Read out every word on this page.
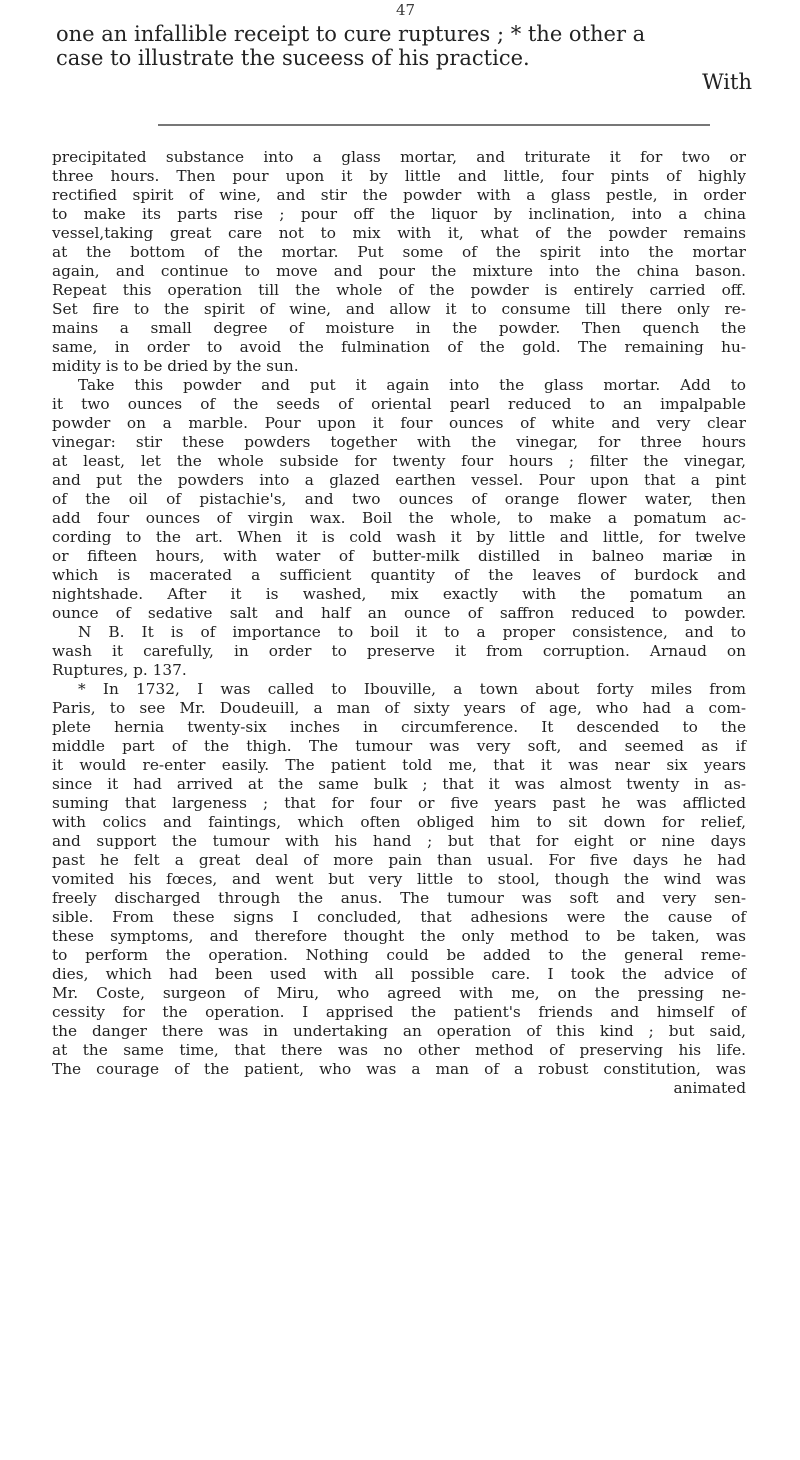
47
one an infallible receipt to cure ruptures ; * the other a
case to illustrate the suceess of his practice.
With
precipitated substance into a glass mortar, and triturate it for two or
three hours. Then pour upon it by little and little, four pints of highly
rectified spirit of wine, and stir the powder with a glass pestle, in order
to make its parts rise ; pour off the liquor by inclination, into a china
vessel,taking great care not to mix with it, what of the powder remains
at the bottom of the mortar. Put some of the spirit into the mortar
again, and continue to move and pour the mixture into the china bason.
Repeat this operation till the whole of the powder is entirely carried off.
Set fire to the spirit of wine, and allow it to consume till there only re-
mains a small degree of moisture in the powder. Then quench the
same, in order to avoid the fulmination of the gold. The remaining hu-
midity is to be dried by the sun.
Take this powder and put it again into the glass mortar. Add to
it two ounces of the seeds of oriental pearl reduced to an impalpable
powder on a marble. Pour upon it four ounces of white and very clear
vinegar: stir these powders together with the vinegar, for three hours
at least, let the whole subside for twenty four hours ; filter the vinegar,
and put the powders into a glazed earthen vessel. Pour upon that a pint
of the oil of pistachie's, and two ounces of orange flower water, then
add four ounces of virgin wax. Boil the whole, to make a pomatum ac-
cording to the art. When it is cold wash it by little and little, for twelve
or fifteen hours, with water of butter-milk distilled in balneo mariæ in
which is macerated a sufficient quantity of the leaves of burdock and
nightshade. After it is washed, mix exactly with the pomatum an
ounce of sedative salt and half an ounce of saffron reduced to powder.
N B. It is of importance to boil it to a proper consistence, and to
wash it carefully, in order to preserve it from corruption. Arnaud on
Ruptures, p. 137.
* In 1732, I was called to Ibouville, a town about forty miles from
Paris, to see Mr. Doudeuill, a man of sixty years of age, who had a com-
plete hernia twenty-six inches in circumference. It descended to the
middle part of the thigh. The tumour was very soft, and seemed as if
it would re-enter easily. The patient told me, that it was near six years
since it had arrived at the same bulk ; that it was almost twenty in as-
suming that largeness ; that for four or five years past he was afflicted
with colics and faintings, which often obliged him to sit down for relief,
and support the tumour with his hand ; but that for eight or nine days
past he felt a great deal of more pain than usual. For five days he had
vomited his fœces, and went but very little to stool, though the wind was
freely discharged through the anus. The tumour was soft and very sen-
sible. From these signs I concluded, that adhesions were the cause of
these symptoms, and therefore thought the only method to be taken, was
to perform the operation. Nothing could be added to the general reme-
dies, which had been used with all possible care. I took the advice of
Mr. Coste, surgeon of Miru, who agreed with me, on the pressing ne-
cessity for the operation. I apprised the patient's friends and himself of
the danger there was in undertaking an operation of this kind ; but said,
at the same time, that there was no other method of preserving his life.
The courage of the patient, who was a man of a robust constitution, was
animated
